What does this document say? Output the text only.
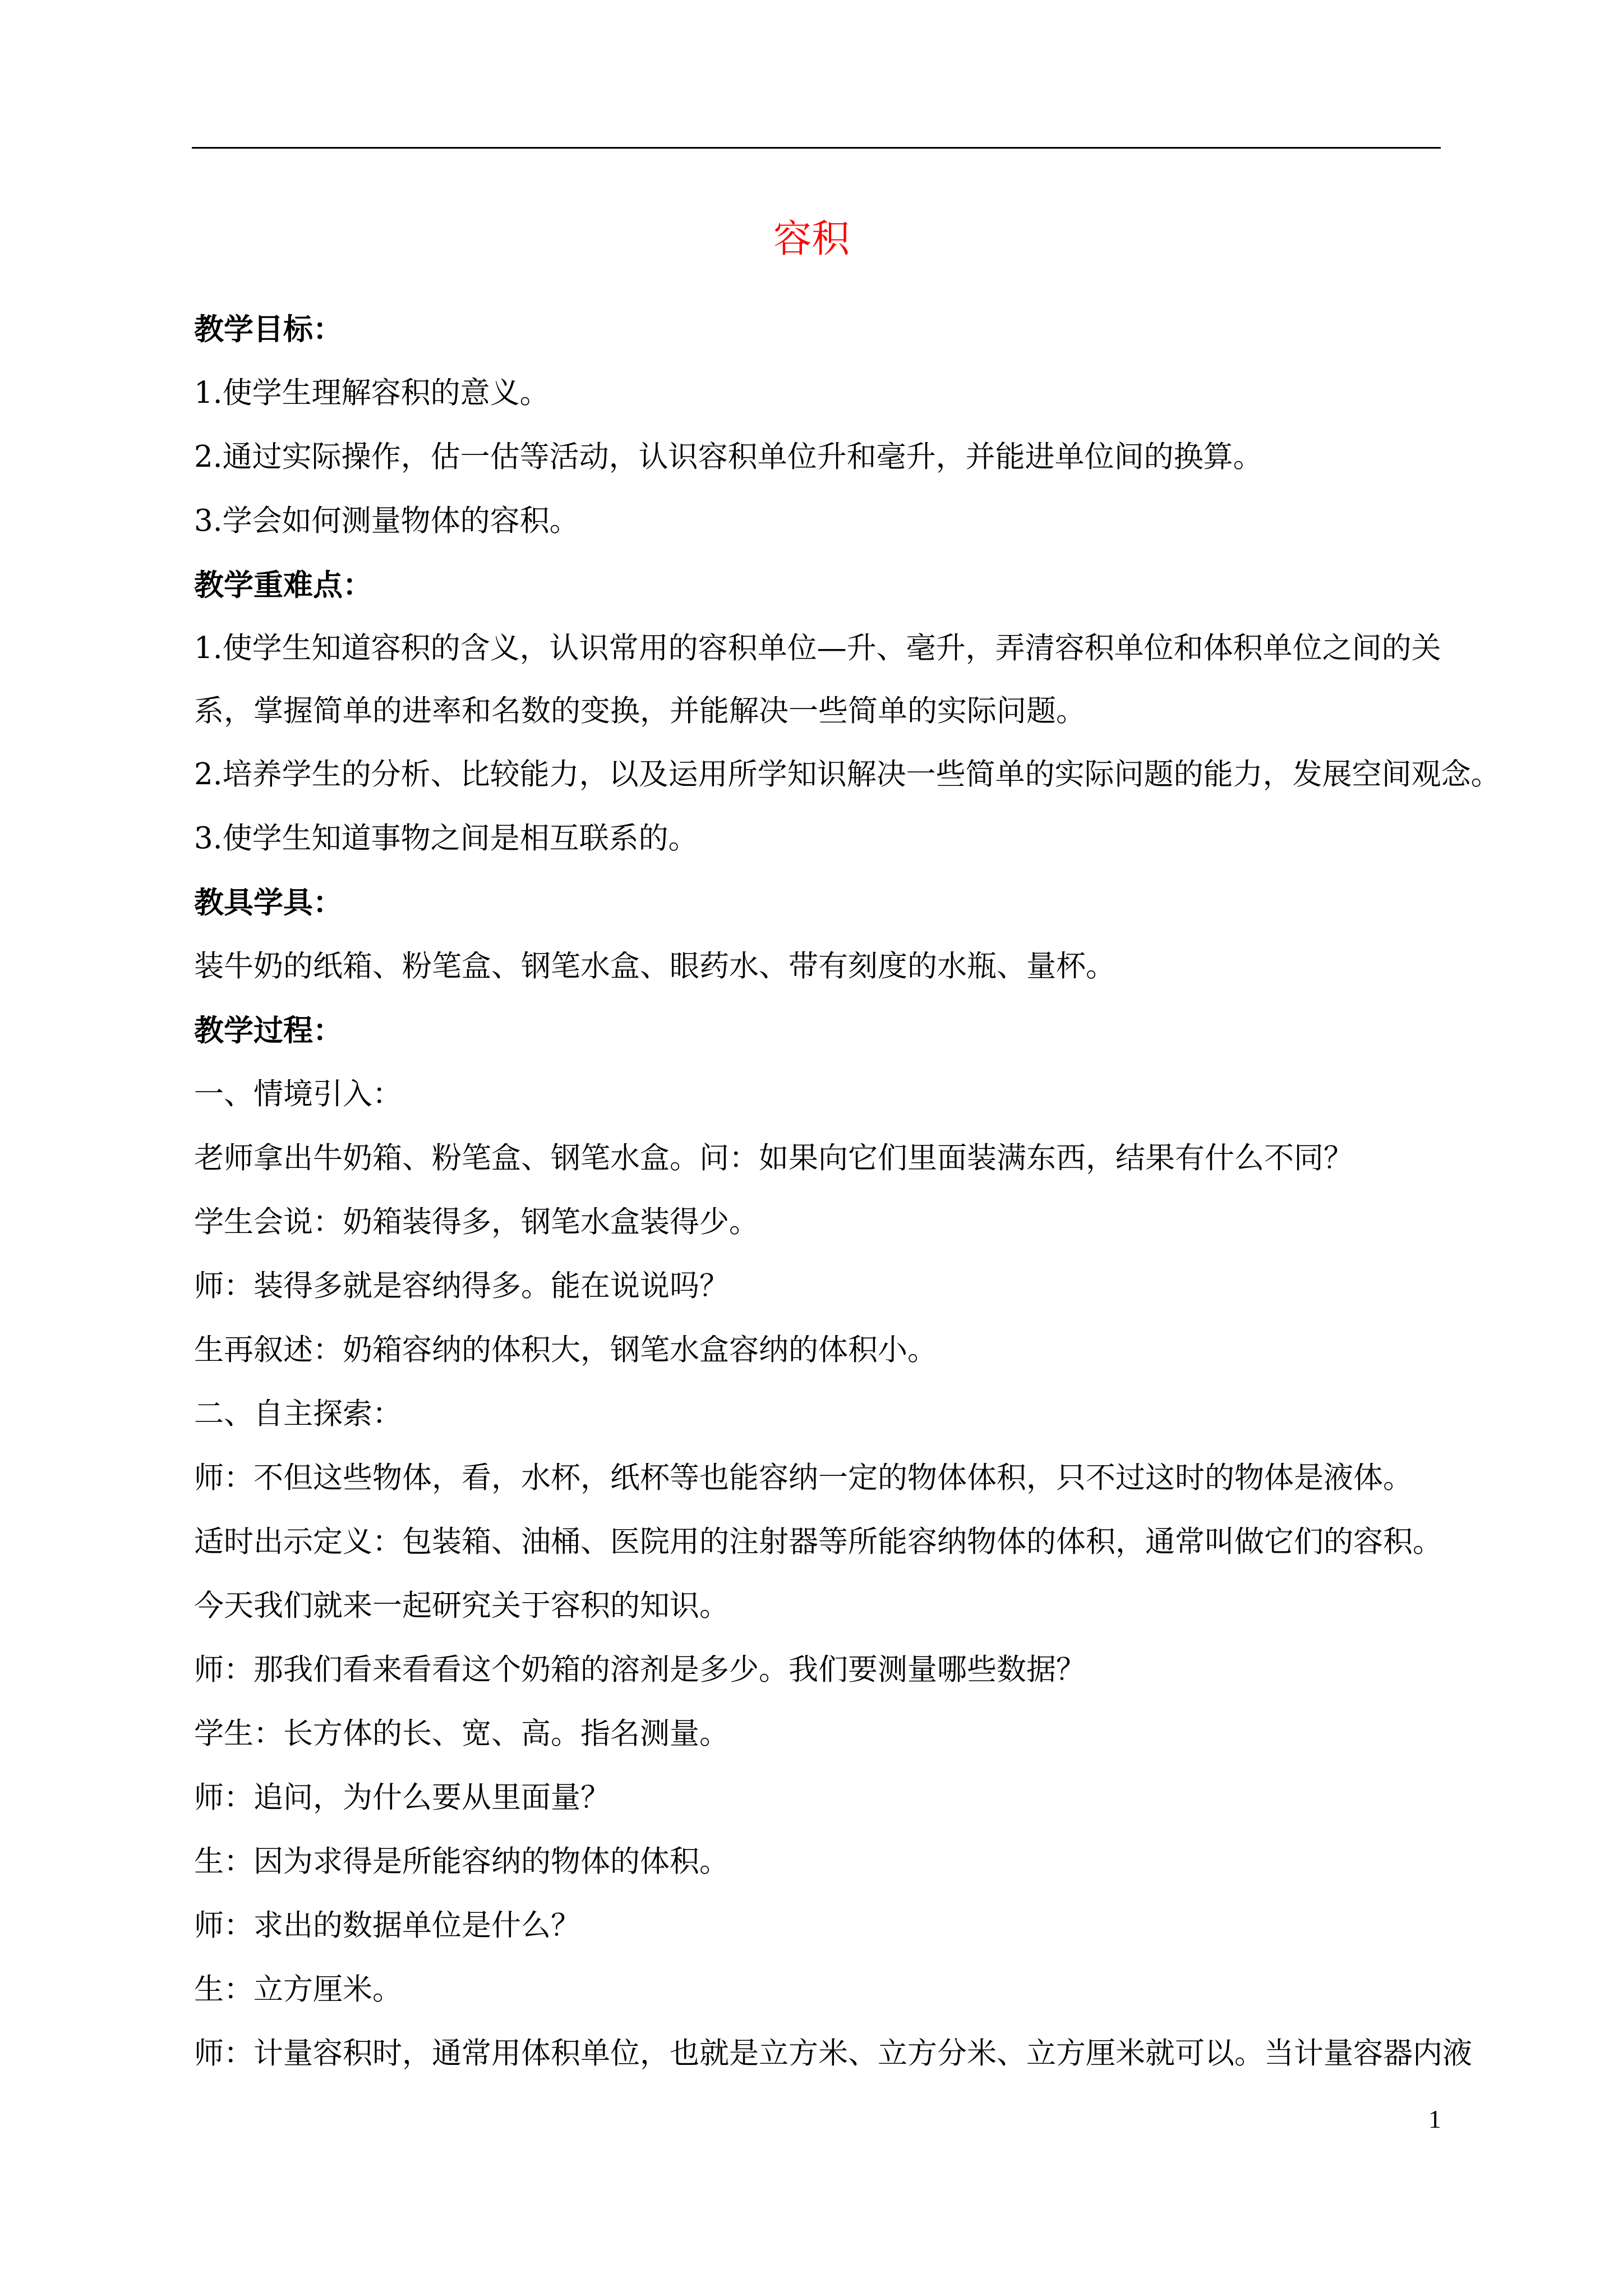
容积

教学目标：

1.使学生理解容积的意义。

2.通过实际操作，估一估等活动，认识容积单位升和毫升，并能进单位间的换算。

3.学会如何测量物体的容积。

教学重难点：

1.使学生知道容积的含义，认识常用的容积单位—升、毫升，弄清容积单位和体积单位之间的关系，掌握简单的进率和名数的变换，并能解决一些简单的实际问题。

2.培养学生的分析、比较能力，以及运用所学知识解决一些简单的实际问题的能力，发展空间观念。

3.使学生知道事物之间是相互联系的。

教具学具：

装牛奶的纸箱、粉笔盒、钢笔水盒、眼药水、带有刻度的水瓶、量杯。

教学过程：

一、情境引入：

老师拿出牛奶箱、粉笔盒、钢笔水盒。问：如果向它们里面装满东西，结果有什么不同？

学生会说：奶箱装得多，钢笔水盒装得少。

师：装得多就是容纳得多。能在说说吗？

生再叙述：奶箱容纳的体积大，钢笔水盒容纳的体积小。

二、自主探索：

师：不但这些物体，看，水杯，纸杯等也能容纳一定的物体体积，只不过这时的物体是液体。

适时出示定义：包装箱、油桶、医院用的注射器等所能容纳物体的体积，通常叫做它们的容积。

今天我们就来一起研究关于容积的知识。

师：那我们看来看看这个奶箱的溶剂是多少。我们要测量哪些数据？

学生：长方体的长、宽、高。指名测量。

师：追问，为什么要从里面量？

生：因为求得是所能容纳的物体的体积。

师：求出的数据单位是什么？

生：立方厘米。

师：计量容积时，通常用体积单位，也就是立方米、立方分米、立方厘米就可以。当计量容器内液

1
